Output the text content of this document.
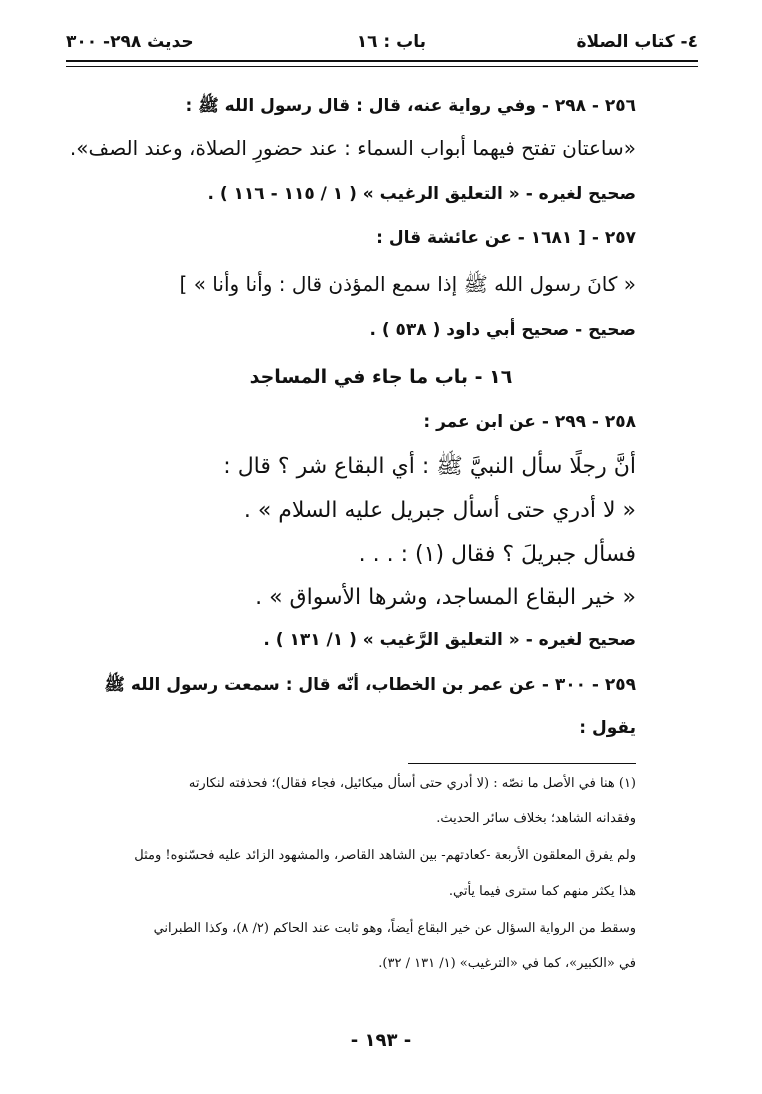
٤- كتاب الصلاة
باب : ١٦
حديث ٢٩٨- ٣٠٠
٢٥٦ - ٢٩٨ - وفي رواية عنه، قال : قال رسول الله ﷺ :
«ساعتان تفتح فيهما أبواب السماء : عند حضورِ الصلاة، وعند الصف».
صحيح لغيره - « التعليق الرغيب » ( ١ / ١١٥ - ١١٦ ) .
٢٥٧ - [ ١٦٨١ - عن عائشة قال :
« كانَ رسول الله ﷺ إذا سمع المؤذن قال : وأنا وأنا » ]
صحيح - صحيح أبي داود ( ٥٣٨ ) .
١٦ - باب ما جاء في المساجد
٢٥٨ - ٢٩٩ - عن ابن عمر :
أنَّ رجلًا سأل النبيَّ ﷺ : أي البقاع شر ؟ قال :
« لا أدري حتى أسأل جبريل عليه السلام » .
فسأل جبريلَ ؟ فقال (١) : . . .
« خير البقاع المساجد، وشرها الأسواق » .
صحيح لغيره - « التعليق الرَّغيب » ( ١/ ١٣١ ) .
٢٥٩ - ٣٠٠ - عن عمر بن الخطاب، أنّه قال : سمعت رسول الله ﷺ
يقول :
(١) هنا في الأصل ما نصّه : (لا أدري حتى أسأل ميكائيل، فجاء فقال)؛ فحذفته لنكارته
وفقدانه الشاهد؛ بخلاف سائر الحديث.
ولم يفرق المعلقون الأربعة -كعادتهم- بين الشاهد القاصر، والمشهود الزائد عليه فحسّنوه! ومثل
هذا يكثر منهم كما سترى فيما يأتي.
وسقط من الرواية السؤال عن خير البقاع أيضاً، وهو ثابت عند الحاكم (٢/ ٨)، وكذا الطبراني
في «الكبير»، كما في «الترغيب» (١/ ١٣١ / ٣٢).
- ١٩٣ -
